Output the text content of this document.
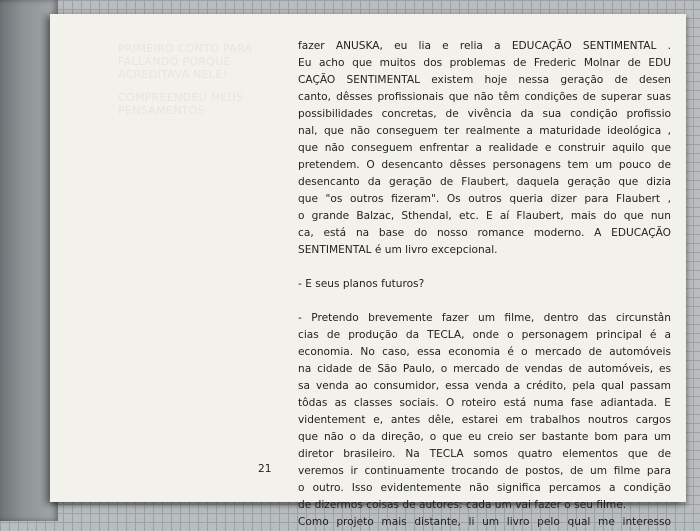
PRIMEIRO CONTO PARA
FALLANDO PORQUE
ACREDITAVA NELE!

COMPREENDEU MEUS
PENSAMENTOS

fazer ANUSKA, eu lia e relia a EDUCAÇÃO SENTIMENTAL .
Eu acho que muitos dos problemas de Frederic Molnar de EDU
CAÇÃO SENTIMENTAL existem hoje nessa geração de desen
canto, dêsses profissionais que não têm condições de superar suas
possibilidades concretas, de vivência da sua condição profissio
nal, que não conseguem ter realmente a maturidade ideológica ,
que não conseguem enfrentar a realidade e construir aquilo que
pretendem. O desencanto dêsses personagens tem um pouco de
desencanto da geração de Flaubert, daquela geração que dizia
que "os outros fizeram". Os outros queria dizer para Flaubert ,
o grande Balzac, Sthendal, etc. E aí Flaubert, mais do que nun
ca, está na base do nosso romance moderno. A EDUCAÇÃO
SENTIMENTAL é um livro excepcional.
- E seus planos futuros?
- Pretendo brevemente fazer um filme, dentro das circunstân
cias de produção da TECLA, onde o personagem principal é a
economia. No caso, essa economia é o mercado de automóveis
na cidade de São Paulo, o mercado de vendas de automóveis, es
sa venda ao consumidor, essa venda a crédito, pela qual passam
tôdas as classes sociais. O roteiro está numa fase adiantada. E
videntement e, antes dêle, estarei em trabalhos noutros cargos
que não o da direção, o que eu creio ser bastante bom para um
diretor brasileiro. Na TECLA somos quatro elementos que de
veremos ir continuamente trocando de postos, de um filme para
o outro. Isso evidentemente não significa percamos a condição
de dizermos coisas de autores: cada um vai fazer o seu filme.
Como projeto mais distante, li um livro pelo qual me interesso
21
